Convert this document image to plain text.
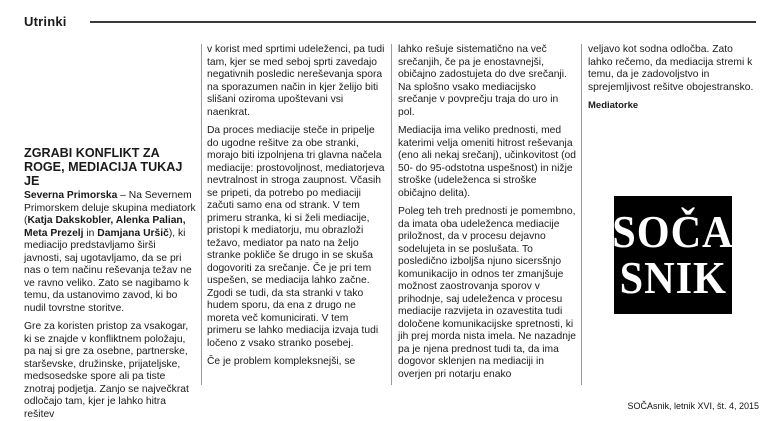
Utrinki
ZGRABI KONFLIKT ZA ROGE, MEDIACIJA TUKAJ JE

Severna Primorska – Na Severnem Primorskem deluje skupina mediatork (Katja Dakskobler, Alenka Palian, Meta Prezelj in Damjana Uršič), ki mediacijo predstavljamo širši javnosti, saj ugotavljamo, da se pri nas o tem načinu reševanja težav ne ve ravno veliko. Zato se nagibamo k temu, da ustanovimo zavod, ki bo nudil tovrstne storitve.

Gre za koristen pristop za vsakogar, ki se znajde v konfliktnem položaju, pa naj si gre za osebne, partnerske, starševske, družinske, prijateljske, medsosedske spore ali pa tiste znotraj podjetja. Zanjo se največkrat odločajo tam, kjer je lahko hitra rešitev

v korist med sprtimi udeleženci, pa tudi tam, kjer se med seboj sprti zavedajo negativnih posledic nereševanja spora na sporazumen način in kjer želijo biti slišani oziroma upoštevani vsi naenkrat.

Da proces mediacije steče in pripelje do ugodne rešitve za obe stranki, morajo biti izpolnjena tri glavna načela mediacije: prostovoljnost, mediatorjeva nevtralnost in stroga zaupnost. Včasih se pripeti, da potrebo po mediaciji začuti samo ena od strank. V tem primeru stranka, ki si želi mediacije, pristopi k mediatorju, mu obrazloži težavo, mediator pa nato na željo stranke pokliče še drugo in se skuša dogovoriti za srečanje. Če je pri tem uspešen, se mediacija lahko začne. Zgodi se tudi, da sta stranki v tako hudem sporu, da ena z drugo ne moreta več komunicirati. V tem primeru se lahko mediacija izvaja tudi ločeno z vsako stranko posebej.

Če je problem kompleksnejši, se

lahko rešuje sistematično na več srečanjih, če pa je enostavnejši, običajno zadostujeta do dve srečanji. Na splošno vsako mediacijsko srečanje v povprečju traja do uro in pol.

Mediacija ima veliko prednosti, med katerimi velja omeniti hitrost reševanja (eno ali nekaj srečanj), učinkovitost (od 50- do 95-odstotna uspešnost) in nižje stroške (udeleženca si stroške običajno delita).

Poleg teh treh prednosti je pomembno, da imata oba udeleženca mediacije priložnost, da v procesu dejavno sodelujeta in se poslušata. To posledično izboljša njuno sicersšnjo komunikacijo in odnos ter zmanjšuje možnost zaostrovanja sporov v prihodnje, saj udeleženca v procesu mediacije razvijeta in ozavestita tudi določene komunikacijske spretnosti, ki jih prej morda nista imela. Ne nazadnje pa je njena prednost tudi ta, da ima dogovor sklenjen na mediaciji in overjen pri notarju enako

veljavo kot sodna odločba. Zato lahko rečemo, da mediacija stremi k temu, da je zadovoljstvo in sprejemljivost rešitve obojestransko.

Mediatorke
SOČA
SNIK
SOČAsnik, letnik XVI, št. 4, 2015
